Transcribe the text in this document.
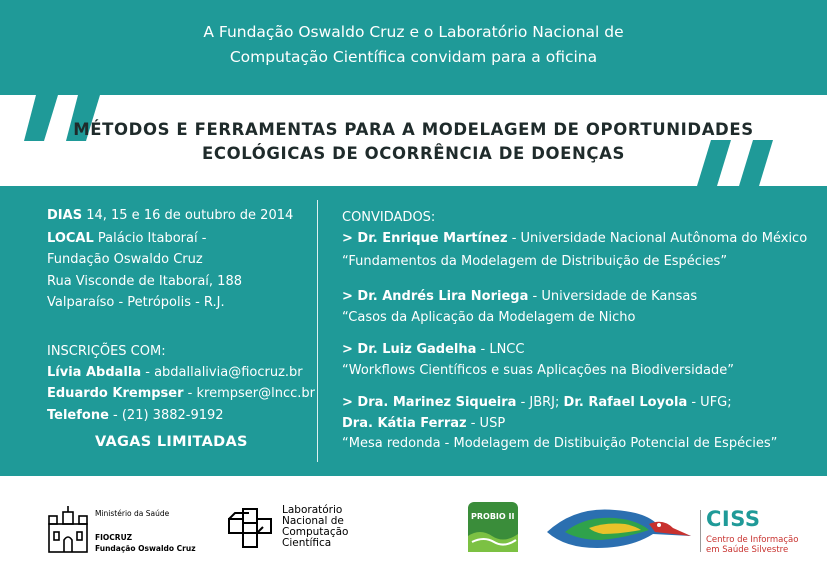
A Fundação Oswaldo Cruz e o Laboratório Nacional de
Computação Científica convidam para a oficina
MÉTODOS E FERRAMENTAS PARA A MODELAGEM DE OPORTUNIDADES
ECOLÓGICAS DE OCORRÊNCIA DE DOENÇAS
DIAS 14, 15 e 16 de outubro de 2014
LOCAL Palácio Itaboraí -
Fundação Oswaldo Cruz
Rua Visconde de Itaboraí, 188
Valparaíso - Petrópolis - R.J.
INSCRIÇÕES COM:
Lívia Abdalla - abdallalivia@fiocruz.br
Eduardo Krempser - krempser@lncc.br
Telefone - (21) 3882-9192
VAGAS LIMITADAS
CONVIDADOS:
> Dr. Enrique Martínez - Universidade Nacional Autônoma do México
“Fundamentos da Modelagem de Distribuição de Espécies”
> Dr. Andrés Lira Noriega - Universidade de Kansas
“Casos da Aplicação da Modelagem de Nicho
> Dr. Luiz Gadelha - LNCC
“Workflows Científicos e suas Aplicações na Biodiversidade”
> Dra. Marinez Siqueira - JBRJ; Dr. Rafael Loyola - UFG;
Dra. Kátia Ferraz - USP
“Mesa redonda - Modelagem de Distibuição Potencial de Espécies”
Ministério da Saúde
FIOCRUZ
Fundação Oswaldo Cruz
Laboratório
Nacional de
Computação
Científica
PROBIO II	CISS
Centro de Informação
em Saúde Silvestre
